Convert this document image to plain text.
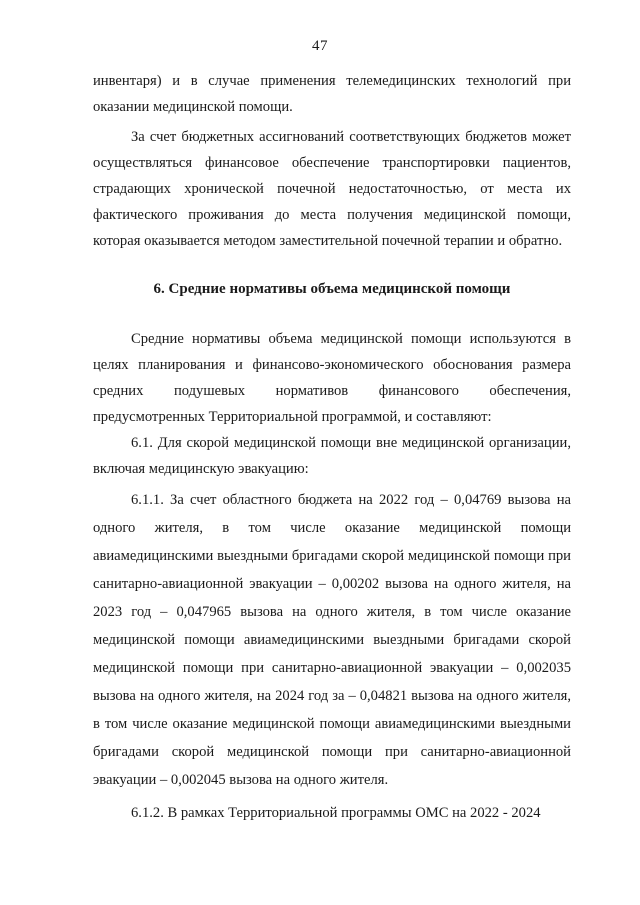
47

инвентаря) и в случае применения телемедицинских технологий при оказании медицинской помощи.

За счет бюджетных ассигнований соответствующих бюджетов может осуществляться финансовое обеспечение транспортировки пациентов, страдающих хронической почечной недостаточностью, от места их фактического проживания до места получения медицинской помощи, которая оказывается методом заместительной почечной терапии и обратно.

6. Средние нормативы объема медицинской помощи

Средние нормативы объема медицинской помощи используются в целях планирования и финансово-экономического обоснования размера средних подушевых нормативов финансового обеспечения, предусмотренных Территориальной программой, и составляют:

6.1. Для скорой медицинской помощи вне медицинской организации, включая медицинскую эвакуацию:

6.1.1. За счет областного бюджета на 2022 год – 0,04769 вызова на одного жителя, в том числе оказание медицинской помощи авиамедицинскими выездными бригадами скорой медицинской помощи при санитарно-авиационной эвакуации – 0,00202 вызова на одного жителя, на 2023 год – 0,047965 вызова на одного жителя, в том числе оказание медицинской помощи авиамедицинскими выездными бригадами скорой медицинской помощи при санитарно-авиационной эвакуации – 0,002035 вызова на одного жителя, на 2024 год за – 0,04821 вызова на одного жителя, в том числе оказание медицинской помощи авиамедицинскими выездными бригадами скорой медицинской помощи при санитарно-авиационной эвакуации – 0,002045 вызова на одного жителя.

6.1.2. В рамках Территориальной программы ОМС на 2022 - 2024
